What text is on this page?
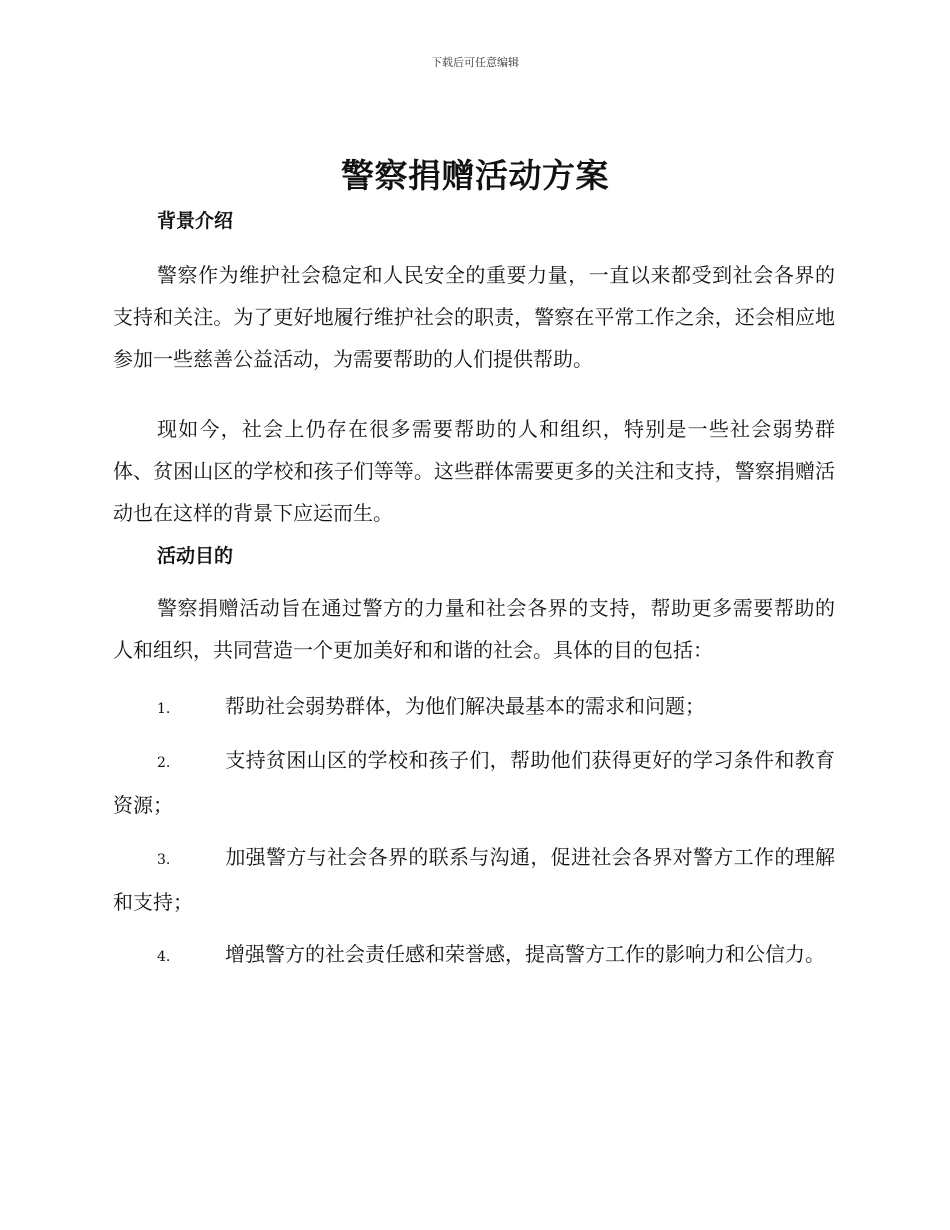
下载后可任意编辑
警察捐赠活动方案
背景介绍

警察作为维护社会稳定和人民安全的重要力量，一直以来都受到社会各界的支持和关注。为了更好地履行维护社会的职责，警察在平常工作之余，还会相应地参加一些慈善公益活动，为需要帮助的人们提供帮助。

现如今，社会上仍存在很多需要帮助的人和组织，特别是一些社会弱势群体、贫困山区的学校和孩子们等等。这些群体需要更多的关注和支持，警察捐赠活动也在这样的背景下应运而生。

活动目的

警察捐赠活动旨在通过警方的力量和社会各界的支持，帮助更多需要帮助的人和组织，共同营造一个更加美好和和谐的社会。具体的目的包括：

1.	帮助社会弱势群体，为他们解决最基本的需求和问题；

2.	支持贫困山区的学校和孩子们，帮助他们获得更好的学习条件和教育资源；

3.	加强警方与社会各界的联系与沟通，促进社会各界对警方工作的理解和支持；

4.	增强警方的社会责任感和荣誉感，提高警方工作的影响力和公信力。
